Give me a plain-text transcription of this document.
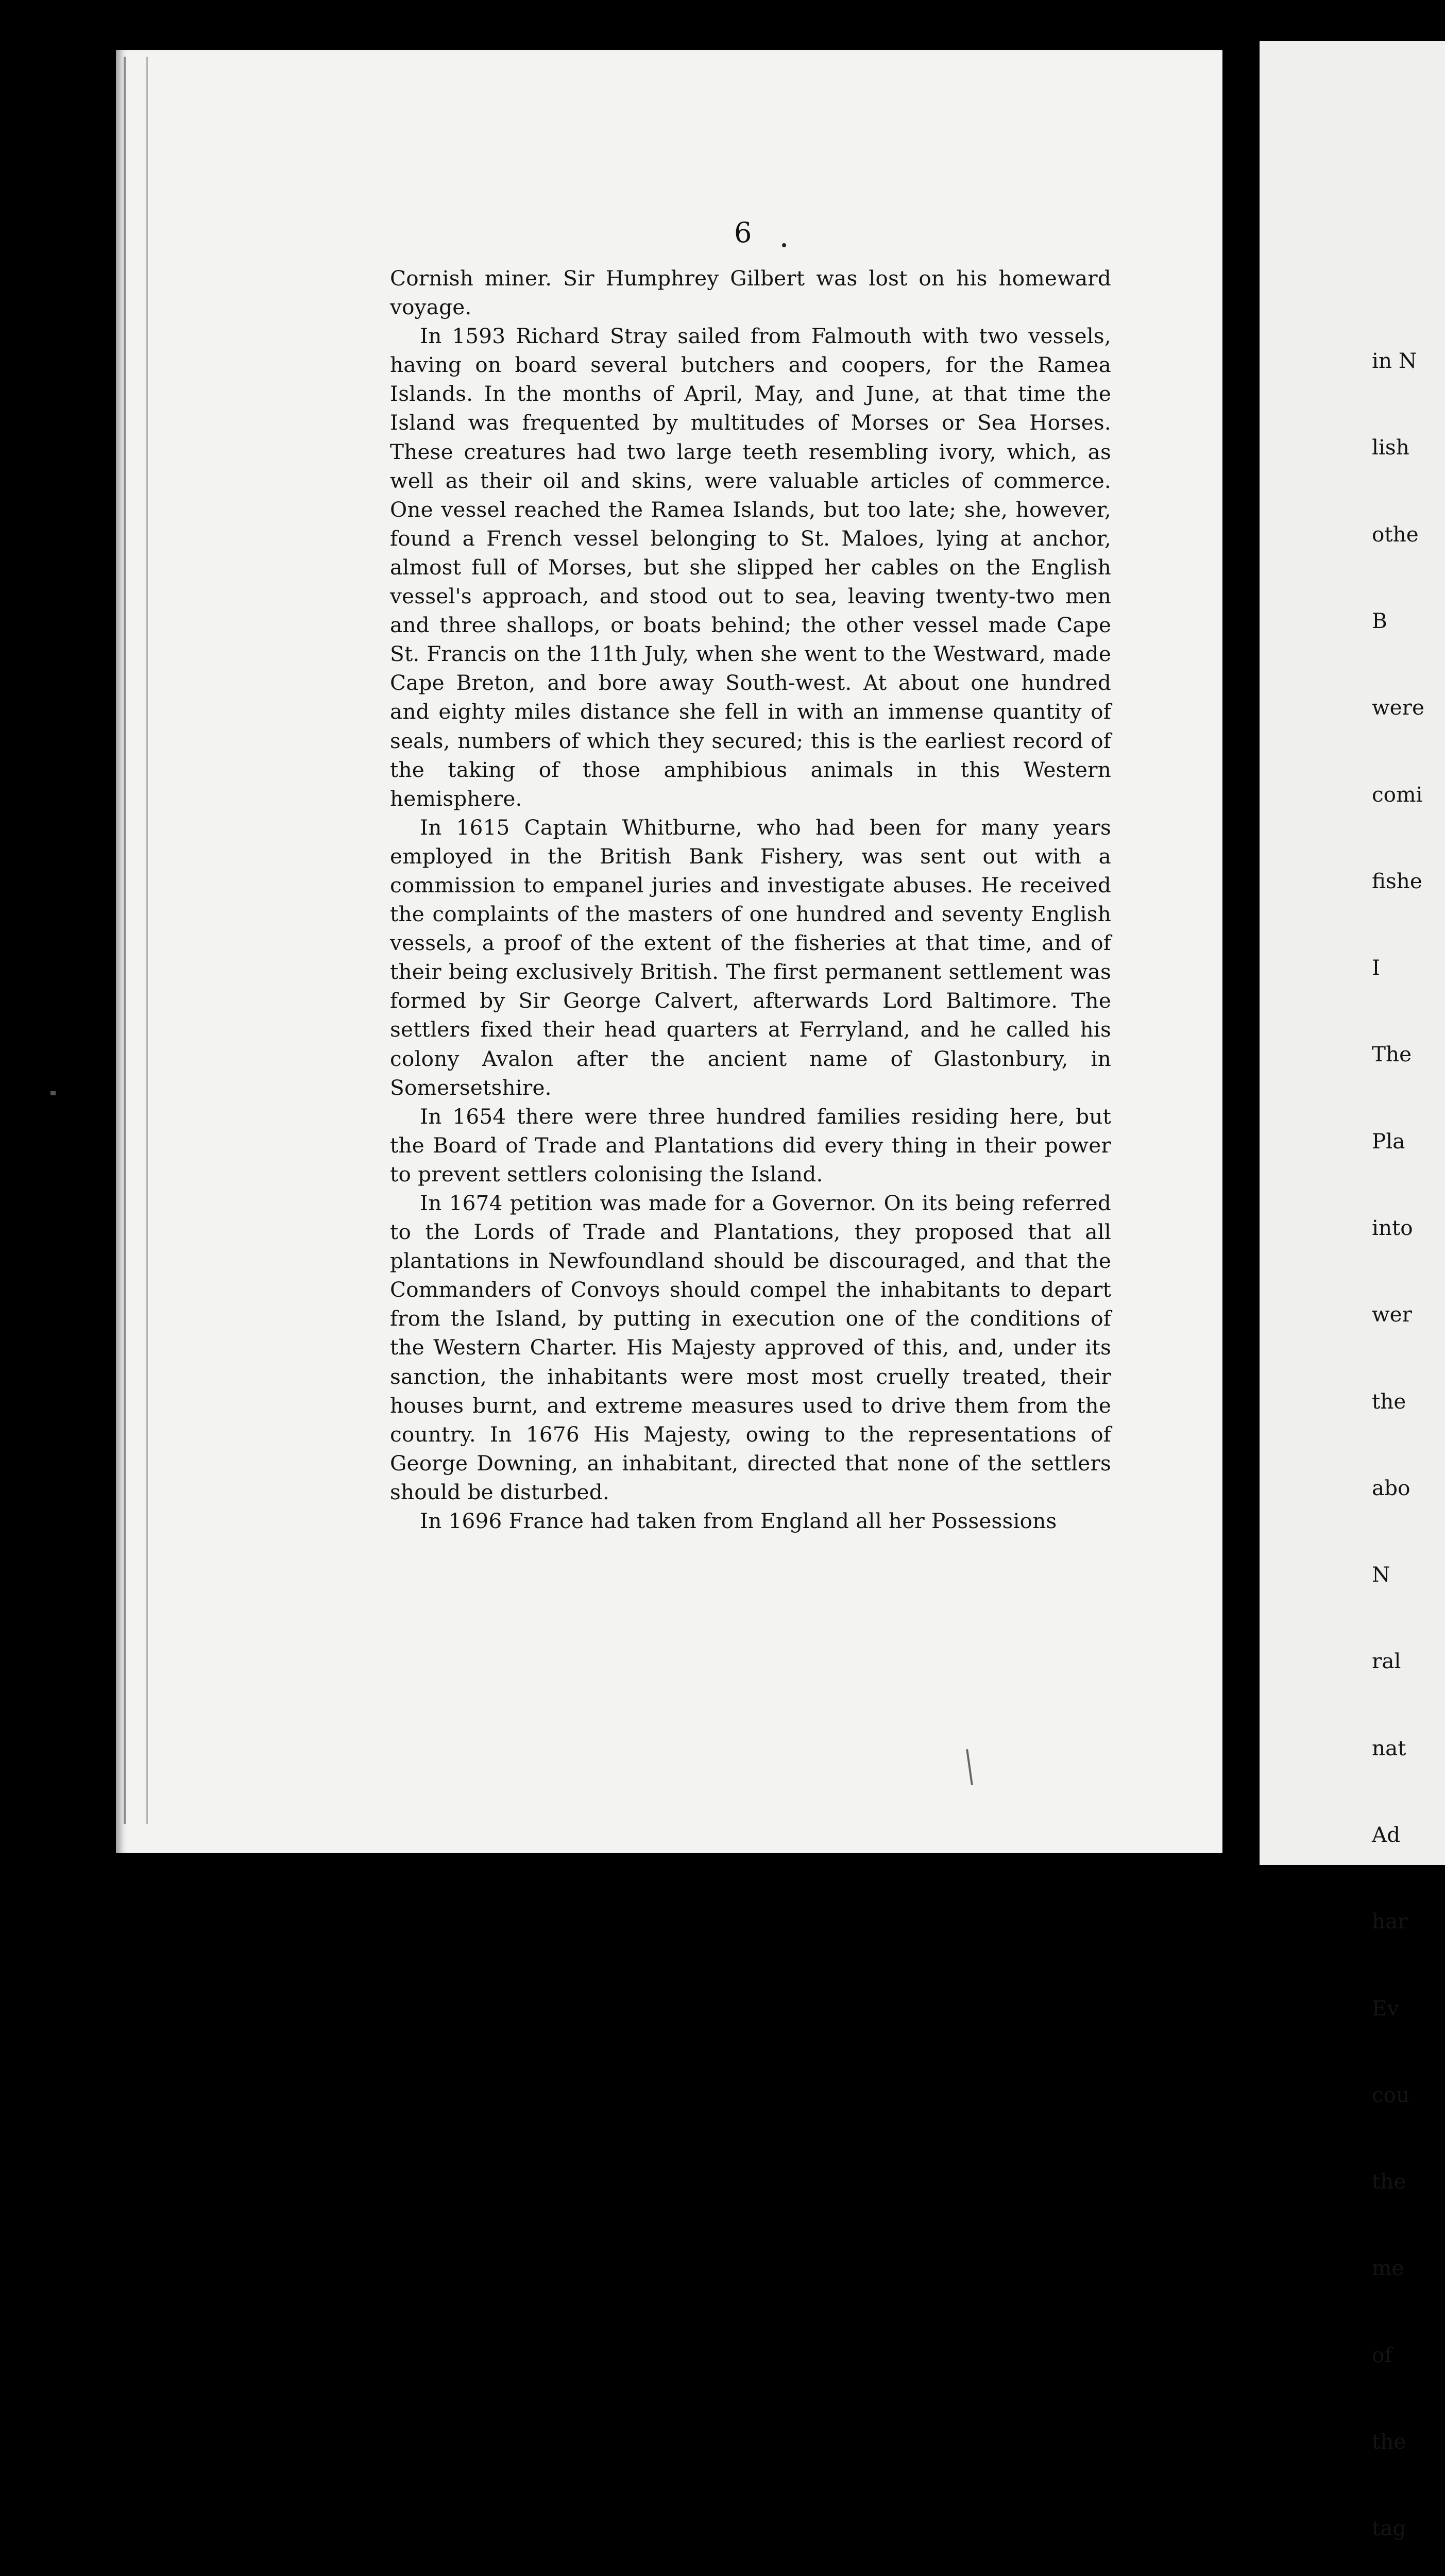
6

Cornish miner. Sir Humphrey Gilbert was lost on his homeward voyage.

In 1593 Richard Stray sailed from Falmouth with two vessels, having on board several butchers and coopers, for the Ramea Islands. In the months of April, May, and June, at that time the Island was frequented by multitudes of Morses or Sea Horses. These creatures had two large teeth resembling ivory, which, as well as their oil and skins, were valuable articles of commerce. One vessel reached the Ramea Islands, but too late; she, however, found a French vessel belonging to St. Maloes, lying at anchor, almost full of Morses, but she slipped her cables on the English vessel's approach, and stood out to sea, leaving twenty-two men and three shallops, or boats behind; the other vessel made Cape St. Francis on the 11th July, when she went to the Westward, made Cape Breton, and bore away South-west. At about one hundred and eighty miles distance she fell in with an immense quantity of seals, numbers of which they secured; this is the earliest record of the taking of those amphibious animals in this Western hemisphere.

In 1615 Captain Whitburne, who had been for many years employed in the British Bank Fishery, was sent out with a commission to empanel juries and investigate abuses. He received the complaints of the masters of one hundred and seventy English vessels, a proof of the extent of the fisheries at that time, and of their being exclusively British. The first permanent settlement was formed by Sir George Calvert, afterwards Lord Baltimore. The settlers fixed their head quarters at Ferryland, and he called his colony Avalon after the ancient name of Glastonbury, in Somersetshire.

In 1654 there were three hundred families residing here, but the Board of Trade and Plantations did every thing in their power to prevent settlers colonising the Island.

In 1674 petition was made for a Governor. On its being referred to the Lords of Trade and Plantations, they proposed that all plantations in Newfoundland should be discouraged, and that the Commanders of Convoys should compel the inhabitants to depart from the Island, by putting in execution one of the conditions of the Western Charter. His Majesty approved of this, and, under its sanction, the inhabitants were most most cruelly treated, their houses burnt, and extreme measures used to drive them from the country. In 1676 His Majesty, owing to the representations of George Downing, an inhabitant, directed that none of the settlers should be disturbed.

In 1696 France had taken from England all her Possessions

in N

lish

othe

B

were

comi

fishe

I

The

Pla

into

wer

the

abo

N

ral

nat

Ad

har

Ev

cou

the

me

of

the

tag
